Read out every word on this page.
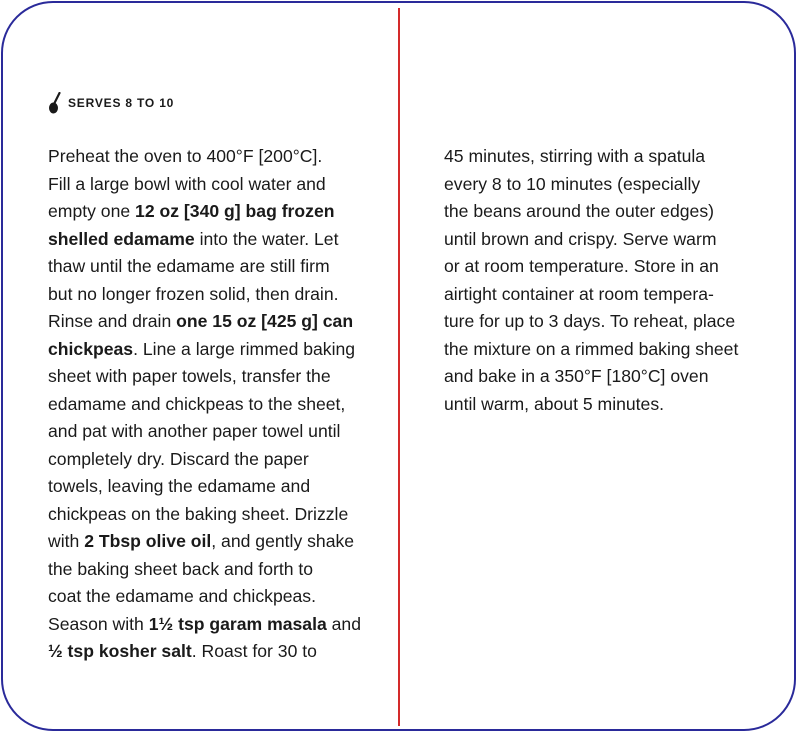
SERVES 8 TO 10
Preheat the oven to 400°F [200°C].
Fill a large bowl with cool water and
empty one 12 oz [340 g] bag frozen
shelled edamame into the water. Let
thaw until the edamame are still firm
but no longer frozen solid, then drain.
Rinse and drain one 15 oz [425 g] can
chickpeas. Line a large rimmed baking
sheet with paper towels, transfer the
edamame and chickpeas to the sheet,
and pat with another paper towel until
completely dry. Discard the paper
towels, leaving the edamame and
chickpeas on the baking sheet. Drizzle
with 2 Tbsp olive oil, and gently shake
the baking sheet back and forth to
coat the edamame and chickpeas.
Season with 1½ tsp garam masala and
½ tsp kosher salt. Roast for 30 to
45 minutes, stirring with a spatula
every 8 to 10 minutes (especially
the beans around the outer edges)
until brown and crispy. Serve warm
or at room temperature. Store in an
airtight container at room tempera-
ture for up to 3 days. To reheat, place
the mixture on a rimmed baking sheet
and bake in a 350°F [180°C] oven
until warm, about 5 minutes.
